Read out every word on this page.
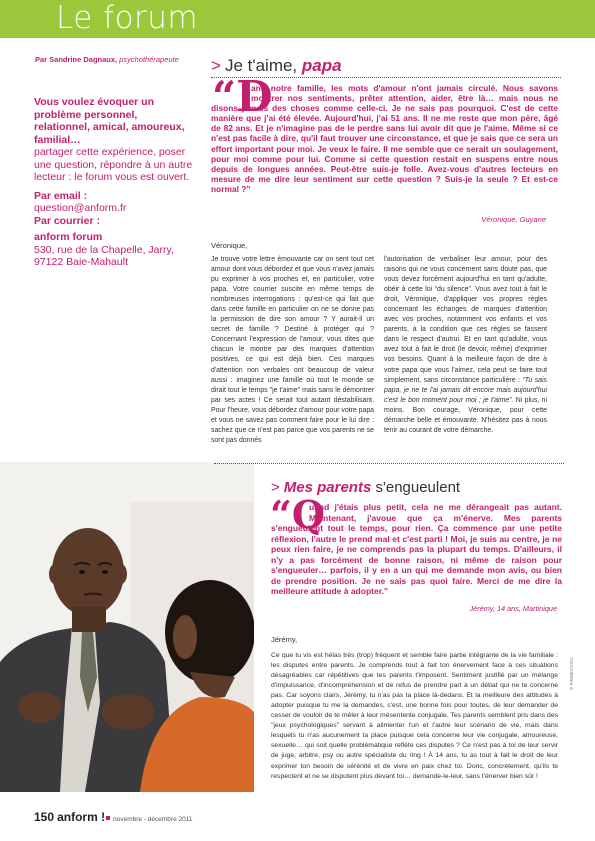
Le forum
Par Sandrine Dagnaux, psychothérapeute
Vous voulez évoquer un problème personnel, relationnel, amical, amoureux, familial…
partager cette expérience, poser une question, répondre à un autre lecteur : le forum vous est ouvert.
Par email :
question@anform.fr
Par courrier :
anform forum
530, rue de la Chapelle, Jarry,
97122 Baie-Mahault
> Je t'aime, papa
“D
ans notre famille, les mots d'amour n'ont jamais circulé. Nous savons montrer nos sentiments, prêter attention, aider, être là… mais nous ne disons jamais des choses comme celle-ci. Je ne sais pas pourquoi. C'est de cette manière que j'ai été élevée. Aujourd'hui, j'ai 51 ans. Il ne me reste que mon père, âgé de 82 ans. Et je n'imagine pas de le perdre sans lui avoir dit que je l'aime. Même si ce n'est pas facile à dire, qu'il faut trouver une circonstance, et que je sais que ce sera un effort important pour moi. Je veux le faire. Il me semble que ce serait un soulagement, pour moi comme pour lui. Comme si cette question restait en suspens entre nous depuis de longues années. Peut-être suis-je folle. Avez-vous d'autres lecteurs en mesure de me dire leur sentiment sur cette question ? Suis-je la seule ? Et est-ce normal ?”
Véronique, Guyane
Véronique,
Je trouve votre lettre émouvante car on sent tout cet amour dont vous débordez et que vous n'avez jamais pu exprimer à vos proches et, en particulier, votre papa. Votre courrier suscite en même temps de nombreuses interrogations : qu'est-ce qui fait que dans cette famille en particulier on ne se donne pas la permission de dire son amour ? Y aurait-il un secret de famille ? Destiné à protéger qui ? Concernant l'expression de l'amour, vous dites que chacun le montre par des marques d'attention positives, ce qui est déjà bien. Ces marques d'attention non verbales ont beaucoup de valeur aussi : imaginez une famille où tout le monde se dirait tout le temps "je t'aime" mais sans le démontrer par ses actes ! Ce serait tout autant déstabilisant. Pour l'heure, vous débordez d'amour pour votre papa et vous ne savez pas comment faire pour le lui dire : sachez que ce n'est pas parce que vos parents ne se sont pas donnés
l'autorisation de verbaliser leur amour, pour des raisons qui ne vous concernent sans doute pas, que vous devez forcément aujourd'hui en tant qu'adulte, obéir à cette loi "du silence". Vous avez tout à fait le droit, Véronique, d'appliquer vos propres règles concernant les échanges de marques d'attention avec vos proches, notamment vos enfants et vos parents, à la condition que ces règles se fassent dans le respect d'autrui. Et en tant qu'adulte, vous avez tout à fait le droit (le devoir, même) d'exprimer vos besoins. Quant à la meilleure façon de dire à votre papa que vous l'aimez, cela peut se faire tout simplement, sans circonstance particulière : “Tu sais papa, je ne te l'ai jamais dit encore mais aujourd'hui c'est le bon moment pour moi ; je t'aime”. Ni plus, ni moins. Bon courage, Véronique, pour cette démarche belle et émouvante. N'hésitez pas à nous tenir au courant de votre démarche.
© FIRMEX/YOU
> Mes parents s'engueulent
“Q
uand j'étais plus petit, cela ne me dérangeait pas autant. Maintenant, j'avoue que ça m'énerve. Mes parents s'engueulent tout le temps, pour rien. Ça commence par une petite réflexion, l'autre le prend mal et c'est parti ! Moi, je suis au centre, je ne peux rien faire, je ne comprends pas la plupart du temps. D'ailleurs, il n'y a pas forcément de bonne raison, ni même de raison pour s'engueuler… parfois, il y en a un qui me demande mon avis, ou bien de prendre position. Je ne sais pas quoi faire. Merci de me dire la meilleure attitude à adopter.”
Jérémy, 14 ans, Martinique
Jérémy,
Ce que tu vis est hélas très (trop) fréquent et semble faire partie intégrante de la vie familiale : les disputes entre parents. Je comprends tout à fait ton énervement face à ces situations désagréables car répétitives que tes parents t'imposent. Sentiment justifié par un mélange d'impuissance, d'incompréhension et de refus de prendre part à un débat qui ne te concerne pas. Car soyons clairs, Jérémy, tu n'as pas ta place là-dedans. Et la meilleure des attitudes à adopter puisque tu me la demandes, c'est, une bonne fois pour toutes, de leur demander de cesser de vouloir de te mêler à leur mésentente conjugale. Tes parents semblent pris dans des "jeux psychologiques" servant à alimenter l'un et l'autre leur scénario de vie, mais dans lesquels tu n'as aucunement ta place puisque cela concerne leur vie conjugale, amoureuse, sexuelle… qui soit quelle problématique reflète ces disputes ? Ce n'est pas à toi de leur servir de juge, arbitre, psy ou autre spécialiste du ring ! À 14 ans, tu as tout à fait le droit de leur exprimer ton besoin de sérénité et de vivre en paix chez toi. Donc, concrètement, qu'ils te respectent et ne se disputent plus devant toi… demande-le-leur, sans t'énerver bien sûr !
150 anform ! novembre - décembre 2011
